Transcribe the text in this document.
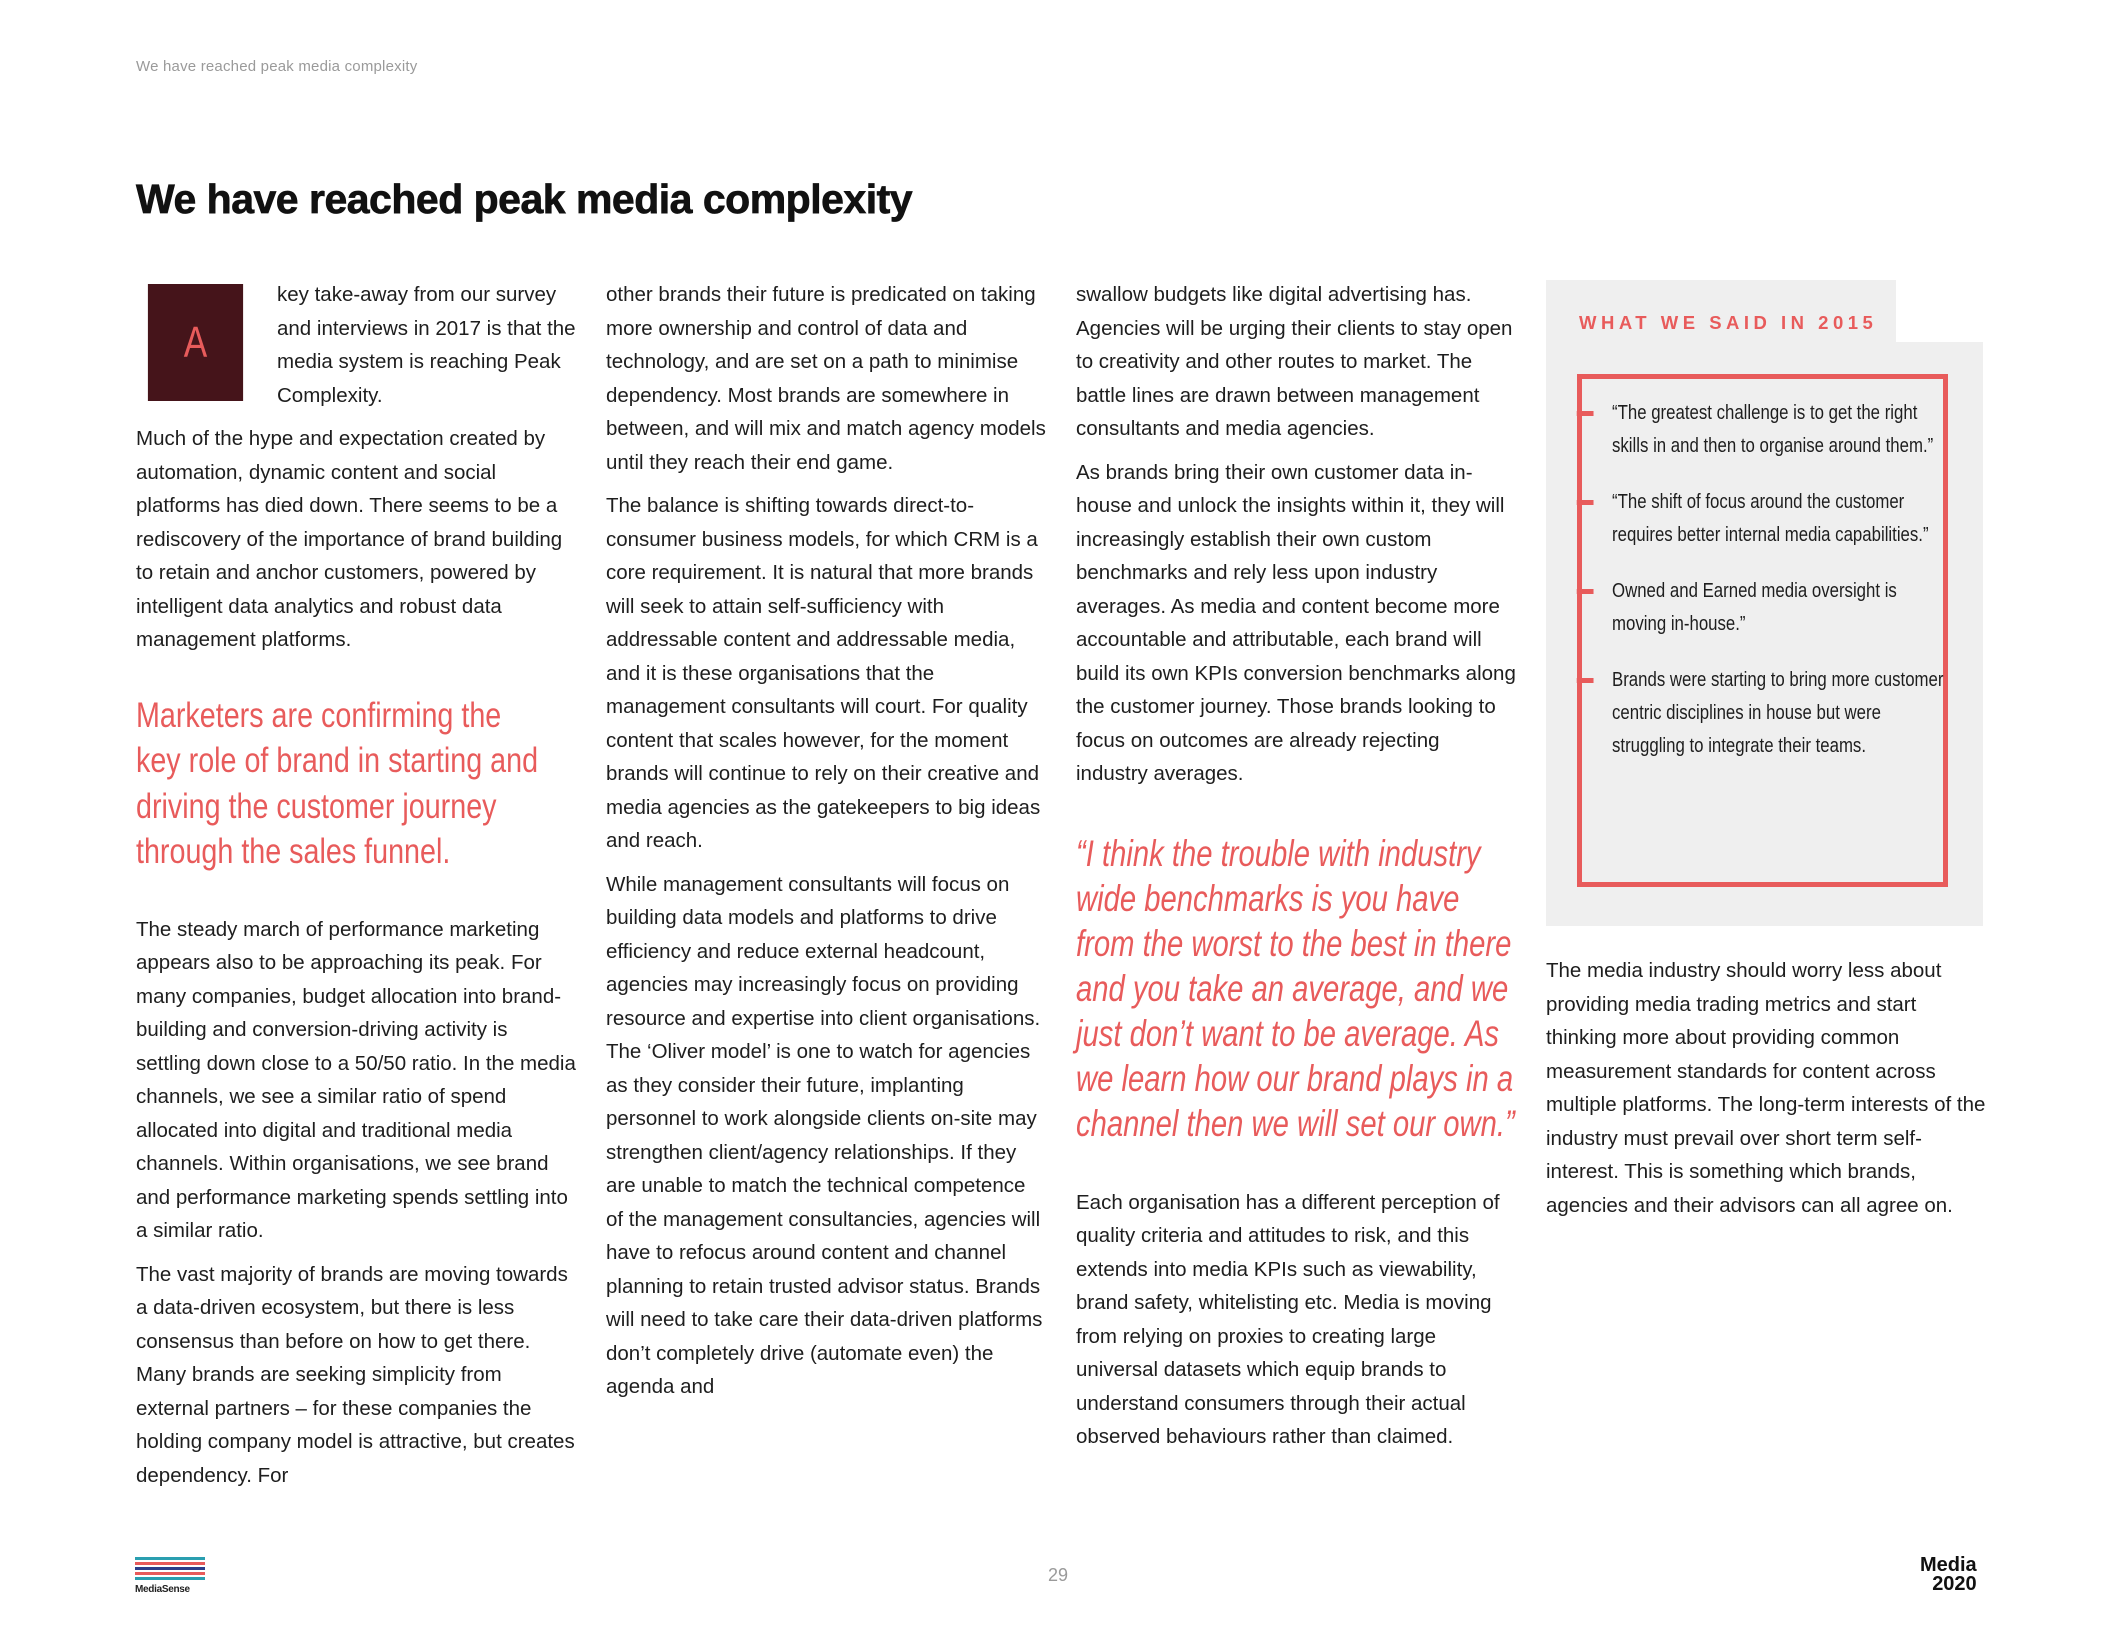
We have reached peak media complexity
We have reached peak media complexity
A

key take-away from our survey and interviews in 2017 is that the media system is reaching Peak Complexity.

Much of the hype and expectation created by automation, dynamic content and social platforms has died down. There seems to be a rediscovery of the importance of brand building to retain and anchor customers, powered by intelligent data analytics and robust data management platforms.

Marketers are confirming the key role of brand in starting and driving the customer journey through the sales funnel.

The steady march of performance marketing appears also to be approaching its peak. For many companies, budget allocation into brand-building and conversion-driving activity is settling down close to a 50/50 ratio. In the media channels, we see a similar ratio of spend allocated into digital and traditional media channels. Within organisations, we see brand and performance marketing spends settling into a similar ratio.

The vast majority of brands are moving towards a data-driven ecosystem, but there is less consensus than before on how to get there. Many brands are seeking simplicity from external partners – for these companies the holding company model is attractive, but creates dependency. For

other brands their future is predicated on taking more ownership and control of data and technology, and are set on a path to minimise dependency. Most brands are somewhere in between, and will mix and match agency models until they reach their end game.

The balance is shifting towards direct-to-consumer business models, for which CRM is a core requirement. It is natural that more brands will seek to attain self-sufficiency with addressable content and addressable media, and it is these organisations that the management consultants will court. For quality content that scales however, for the moment brands will continue to rely on their creative and media agencies as the gatekeepers to big ideas and reach.

While management consultants will focus on building data models and platforms to drive efficiency and reduce external headcount, agencies may increasingly focus on providing resource and expertise into client organisations. The ‘Oliver model’ is one to watch for agencies as they consider their future, implanting personnel to work alongside clients on-site may strengthen client/agency relationships. If they are unable to match the technical competence of the management consultancies, agencies will have to refocus around content and channel planning to retain trusted advisor status. Brands will need to take care their data-driven platforms don’t completely drive (automate even) the agenda and

swallow budgets like digital advertising has. Agencies will be urging their clients to stay open to creativity and other routes to market. The battle lines are drawn between management consultants and media agencies.

As brands bring their own customer data in-house and unlock the insights within it, they will increasingly establish their own custom benchmarks and rely less upon industry averages. As media and content become more accountable and attributable, each brand will build its own KPIs conversion benchmarks along the customer journey. Those brands looking to focus on outcomes are already rejecting industry averages.

“I think the trouble with industry wide benchmarks is you have from the worst to the best in there and you take an average, and we just don’t want to be average. As we learn how our brand plays in a channel then we will set our own.”

Each organisation has a different perception of quality criteria and attitudes to risk, and this extends into media KPIs such as viewability, brand safety, whitelisting etc. Media is moving from relying on proxies to creating large universal datasets which equip brands to understand consumers through their actual observed behaviours rather than claimed.

WHAT WE SAID IN 2015
“The greatest challenge is to get the right skills in and then to organise around them.”
“The shift of focus around the customer requires better internal media capabilities.”
Owned and Earned media oversight is moving in-house.”
Brands were starting to bring more customer centric disciplines in house but were struggling to integrate their teams.

The media industry should worry less about providing media trading metrics and start thinking more about providing common measurement standards for content across multiple platforms. The long-term interests of the industry must prevail over short term self-interest. This is something which brands, agencies and their advisors can all agree on.

MediaSense
29	Media
2020
